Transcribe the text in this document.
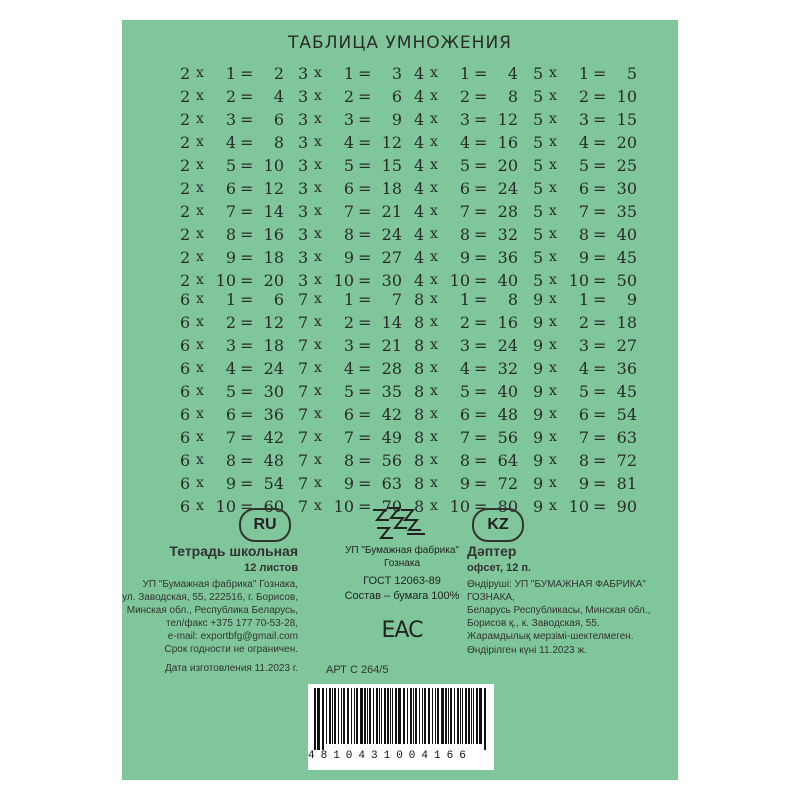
ТАБЛИЦА УМНОЖЕНИЯ
2 x	1 =	2
2 x	2 =	4
2 x	3 =	6
2 x	4 =	8
2 x	5 = 10
2 x	6 = 12
2 x	7 = 14
2 x	8 = 16
2 x	9 = 18
2 x 10 = 20
3 x	1 =	3
3 x	2 =	6
3 x	3 =	9
3 x	4 = 12
3 x	5 = 15
3 x	6 = 18
3 x	7 = 21
3 x	8 = 24
3 x	9 = 27
3 x 10 = 30
4 x	1 =	4
4 x	2 =	8
4 x	3 = 12
4 x	4 = 16
4 x	5 = 20
4 x	6 = 24
4 x	7 = 28
4 x	8 = 32
4 x	9 = 36
4 x 10 = 40
5 x	1 =	5
5 x	2 = 10
5 x	3 = 15
5 x	4 = 20
5 x	5 = 25
5 x	6 = 30
5 x	7 = 35
5 x	8 = 40
5 x	9 = 45
5 x 10 = 50
6 x	1 =	6
6 x	2 = 12
6 x	3 = 18
6 x	4 = 24
6 x	5 = 30
6 x	6 = 36
6 x	7 = 42
6 x	8 = 48
6 x	9 = 54
6 x 10 = 60
7 x	1 =	7
7 x	2 = 14
7 x	3 = 21
7 x	4 = 28
7 x	5 = 35
7 x	6 = 42
7 x	7 = 49
7 x	8 = 56
7 x	9 = 63
7 x 10 = 70
8 x	1 =	8
8 x	2 = 16
8 x	3 = 24
8 x	4 = 32
8 x	5 = 40
8 x	6 = 48
8 x	7 = 56
8 x	8 = 64
8 x	9 = 72
8 x 10 = 80
9 x	1 =	9
9 x	2 = 18
9 x	3 = 27
9 x	4 = 36
9 x	5 = 45
9 x	6 = 54
9 x	7 = 63
9 x	8 = 72
9 x	9 = 81
9 x 10 = 90
RU
Тетрадь школьная
12 листов
УП "Бумажная фабрика" Гознака,
ул. Заводская, 55, 222516, г. Борисов,
Минская обл., Республика Беларусь,
тел/факс +375 177 70-53-28,
e-mail: exportbfg@gmail.com
Срок годности не ограничен.
Дата изготовления 11.2023 г.
УП "Бумажная фабрика"
Гознака
ГОСТ 12063-89
Состав – бумага 100%
EAC
АРТ С 264/5
4810431004166
KZ
Дәптер
офсет, 12 п.
Өндіруші: УП "БУМАЖНАЯ ФАБРИКА" ГОЗНАКА,
Беларусь Республикасы, Минская обл.,
Борисов қ., к. Заводская, 55.
Жарамдылық мерзімі-шектелмеген.
Өндірілген күні 11.2023 ж.
